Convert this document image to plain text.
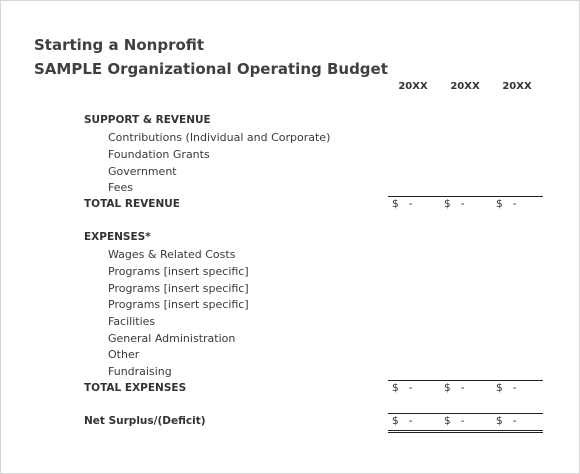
Starting a Nonprofit
SAMPLE Organizational Operating Budget
20XX	20XX	20XX
SUPPORT & REVENUE
Contributions (Individual and Corporate)
Foundation Grants
Government
Fees
TOTAL REVENUE	$ -	$ -	$ -
EXPENSES*
Wages & Related Costs
Programs [insert specific]
Programs [insert specific]
Programs [insert specific]
Facilities
General Administration
Other
Fundraising
TOTAL EXPENSES	$ -	$ -	$ -
Net Surplus/(Deficit)	$ -	$ -	$ -
